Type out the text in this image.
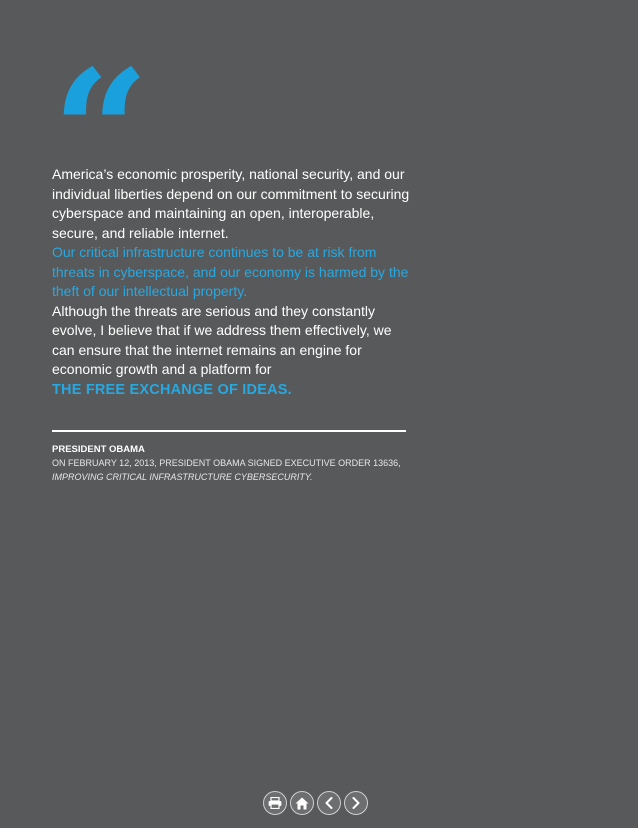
“

America’s economic prosperity, national security, and our individual liberties depend on our commitment to securing cyberspace and maintaining an open, interoperable, secure, and reliable internet.

Our critical infrastructure continues to be at risk from threats in cyberspace, and our economy is harmed by the theft of our intellectual property.

Although the threats are serious and they constantly evolve, I believe that if we address them effectively, we can ensure that the internet remains an engine for economic growth and a platform for

THE FREE EXCHANGE OF IDEAS.

PRESIDENT OBAMA
ON FEBRUARY 12, 2013, PRESIDENT OBAMA SIGNED EXECUTIVE ORDER 13636, IMPROVING CRITICAL INFRASTRUCTURE CYBERSECURITY.
